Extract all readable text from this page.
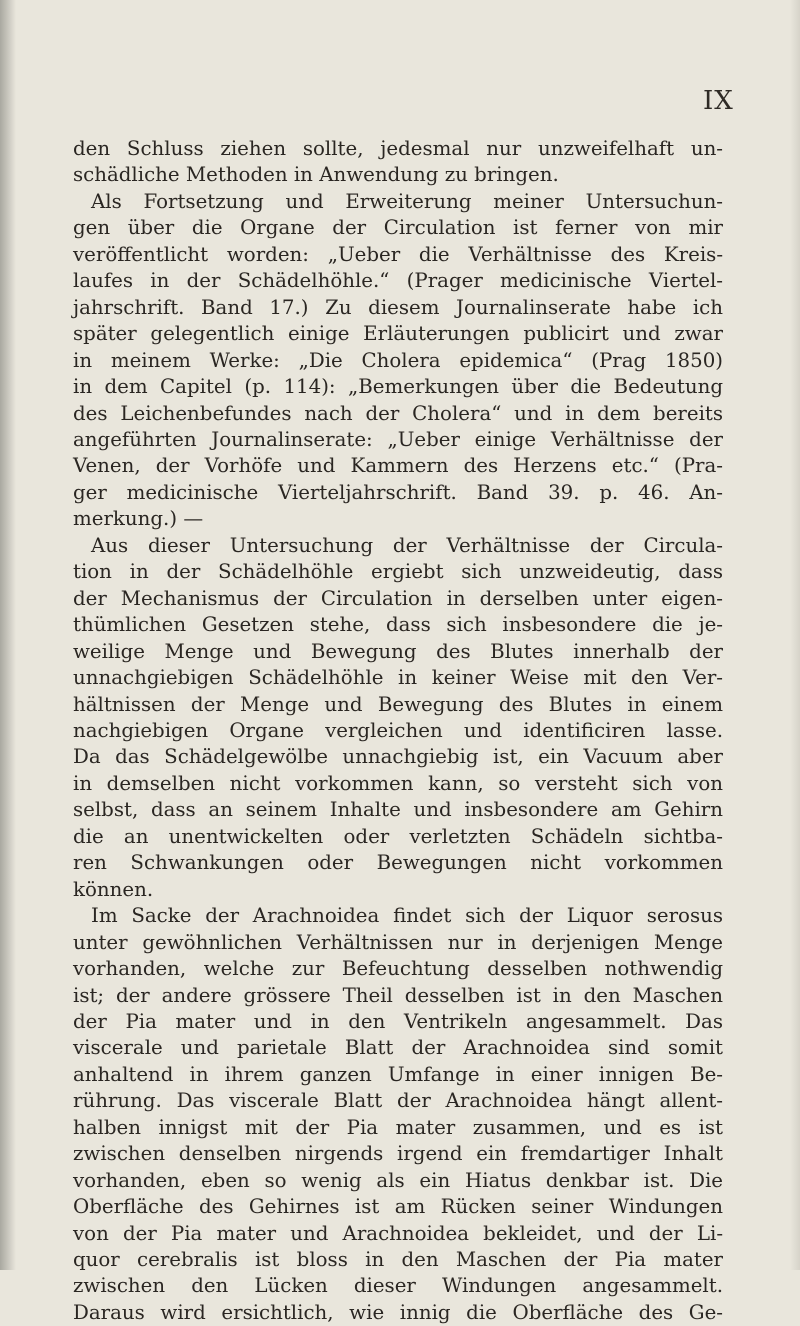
IX
den Schluss ziehen sollte, jedesmal nur unzweifelhaft un-
schädliche Methoden in Anwendung zu bringen.
Als Fortsetzung und Erweiterung meiner Untersuchun-
gen über die Organe der Circulation ist ferner von mir
veröffentlicht worden: „Ueber die Verhältnisse des Kreis-
laufes in der Schädelhöhle.“ (Prager medicinische Viertel-
jahrschrift. Band 17.) Zu diesem Journalinserate habe ich
später gelegentlich einige Erläuterungen publicirt und zwar
in meinem Werke: „Die Cholera epidemica“ (Prag 1850)
in dem Capitel (p. 114): „Bemerkungen über die Bedeutung
des Leichenbefundes nach der Cholera“ und in dem bereits
angeführten Journalinserate: „Ueber einige Verhältnisse der
Venen, der Vorhöfe und Kammern des Herzens etc.“ (Pra-
ger medicinische Vierteljahrschrift. Band 39. p. 46. An-
merkung.) —
Aus dieser Untersuchung der Verhältnisse der Circula-
tion in der Schädelhöhle ergiebt sich unzweideutig, dass
der Mechanismus der Circulation in derselben unter eigen-
thümlichen Gesetzen stehe, dass sich insbesondere die je-
weilige Menge und Bewegung des Blutes innerhalb der
unnachgiebigen Schädelhöhle in keiner Weise mit den Ver-
hältnissen der Menge und Bewegung des Blutes in einem
nachgiebigen Organe vergleichen und identificiren lasse.
Da das Schädelgewölbe unnachgiebig ist, ein Vacuum aber
in demselben nicht vorkommen kann, so versteht sich von
selbst, dass an seinem Inhalte und insbesondere am Gehirn
die an unentwickelten oder verletzten Schädeln sichtba-
ren Schwankungen oder Bewegungen nicht vorkommen
können.
Im Sacke der Arachnoidea findet sich der Liquor serosus
unter gewöhnlichen Verhältnissen nur in derjenigen Menge
vorhanden, welche zur Befeuchtung desselben nothwendig
ist; der andere grössere Theil desselben ist in den Maschen
der Pia mater und in den Ventrikeln angesammelt. Das
viscerale und parietale Blatt der Arachnoidea sind somit
anhaltend in ihrem ganzen Umfange in einer innigen Be-
rührung. Das viscerale Blatt der Arachnoidea hängt allent-
halben innigst mit der Pia mater zusammen, und es ist
zwischen denselben nirgends irgend ein fremdartiger Inhalt
vorhanden, eben so wenig als ein Hiatus denkbar ist. Die
Oberfläche des Gehirnes ist am Rücken seiner Windungen
von der Pia mater und Arachnoidea bekleidet, und der Li-
quor cerebralis ist bloss in den Maschen der Pia mater
zwischen den Lücken dieser Windungen angesammelt.
Daraus wird ersichtlich, wie innig die Oberfläche des Ge-
